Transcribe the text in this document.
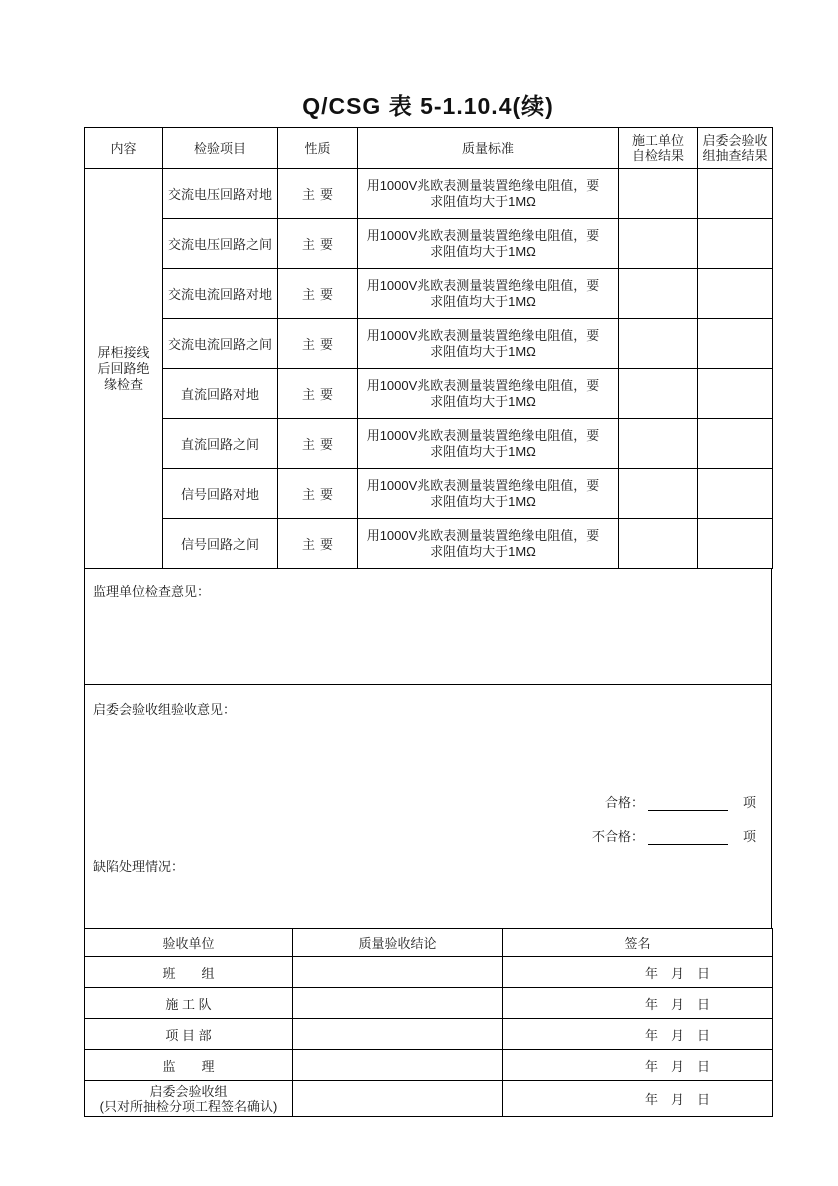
Q/CSG 表 5-1.10.4(续)
内容	检验项目	性质	质量标准	施工单位自检结果	启委会验收组抽查结果

屏柜接线后回路绝缘检查	交流电压回路对地	主要	用1000V兆欧表测量装置绝缘电阻值，要求阻值均大于1MΩ		
	交流电压回路之间	主要	用1000V兆欧表测量装置绝缘电阻值，要求阻值均大于1MΩ		
	交流电流回路对地	主要	用1000V兆欧表测量装置绝缘电阻值，要求阻值均大于1MΩ		
	交流电流回路之间	主要	用1000V兆欧表测量装置绝缘电阻值，要求阻值均大于1MΩ		
	直流回路对地	主要	用1000V兆欧表测量装置绝缘电阻值，要求阻值均大于1MΩ		
	直流回路之间	主要	用1000V兆欧表测量装置绝缘电阻值，要求阻值均大于1MΩ		
	信号回路对地	主要	用1000V兆欧表测量装置绝缘电阻值，要求阻值均大于1MΩ		
	信号回路之间	主要	用1000V兆欧表测量装置绝缘电阻值，要求阻值均大于1MΩ		
监理单位检查意见：
启委会验收组验收意见：
合格：	项
不合格：	项
缺陷处理情况：
验收单位	质量验收结论	签名
班　　组		年　月　日
施 工 队		年　月　日
项 目 部		年　月　日
监　　理		年　月　日

启委会验收组
(只对所抽检分项工程签名确认)		年　月　日
